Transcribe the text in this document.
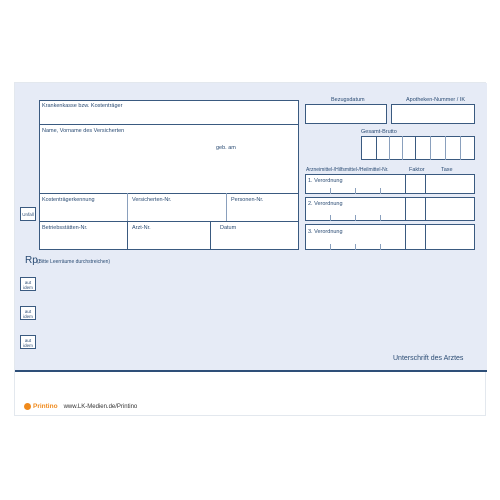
Krankenkasse bzw. Kostenträger
Name, Vorname des Versicherten
geb. am
Kostenträgerkennung	Versicherten-Nr.	Personen-Nr.
Betriebsstätten-Nr.	Arzt-Nr.	Datum
Bezugsdatum	Apotheken-Nummer / IK
Gesamt-Brutto
Arzneimittel-/Hilfsmittel-/Heilmittel-Nr.	Faktor	Taxe
1. Verordnung
2. Verordnung
3. Verordnung
Unfall
aut idem
aut idem
aut idem
Rp.
(Bitte Leerräume durchstreichen)
Unterschrift des Arztes
Printino www.LK-Medien.de/Printino
